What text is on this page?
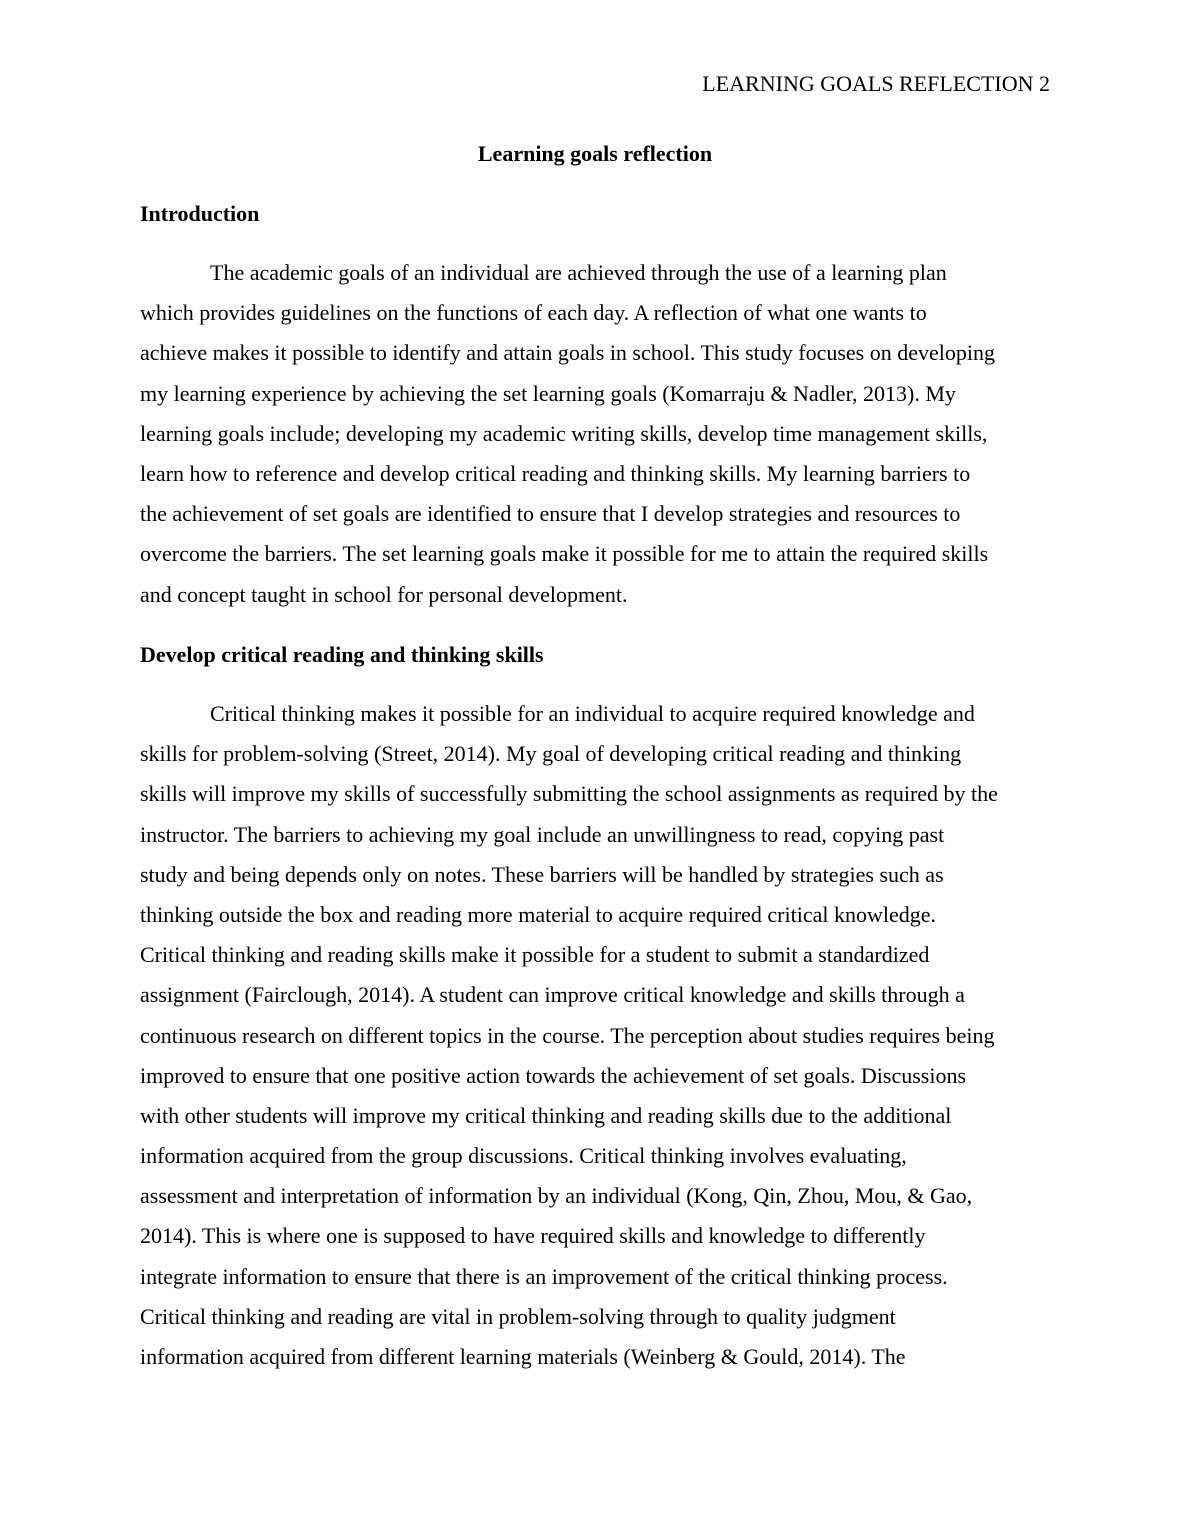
LEARNING GOALS REFLECTION 2
Learning goals reflection
Introduction
The academic goals of an individual are achieved through the use of a learning plan
which provides guidelines on the functions of each day. A reflection of what one wants to
achieve makes it possible to identify and attain goals in school. This study focuses on developing
my learning experience by achieving the set learning goals (Komarraju & Nadler, 2013). My
learning goals include; developing my academic writing skills, develop time management skills,
learn how to reference and develop critical reading and thinking skills. My learning barriers to
the achievement of set goals are identified to ensure that I develop strategies and resources to
overcome the barriers. The set learning goals make it possible for me to attain the required skills
and concept taught in school for personal development.
Develop critical reading and thinking skills
Critical thinking makes it possible for an individual to acquire required knowledge and
skills for problem-solving (Street, 2014). My goal of developing critical reading and thinking
skills will improve my skills of successfully submitting the school assignments as required by the
instructor. The barriers to achieving my goal include an unwillingness to read, copying past
study and being depends only on notes. These barriers will be handled by strategies such as
thinking outside the box and reading more material to acquire required critical knowledge.
Critical thinking and reading skills make it possible for a student to submit a standardized
assignment (Fairclough, 2014). A student can improve critical knowledge and skills through a
continuous research on different topics in the course. The perception about studies requires being
improved to ensure that one positive action towards the achievement of set goals. Discussions
with other students will improve my critical thinking and reading skills due to the additional
information acquired from the group discussions. Critical thinking involves evaluating,
assessment and interpretation of information by an individual (Kong, Qin, Zhou, Mou, & Gao,
2014). This is where one is supposed to have required skills and knowledge to differently
integrate information to ensure that there is an improvement of the critical thinking process.
Critical thinking and reading are vital in problem-solving through to quality judgment
information acquired from different learning materials (Weinberg & Gould, 2014). The
